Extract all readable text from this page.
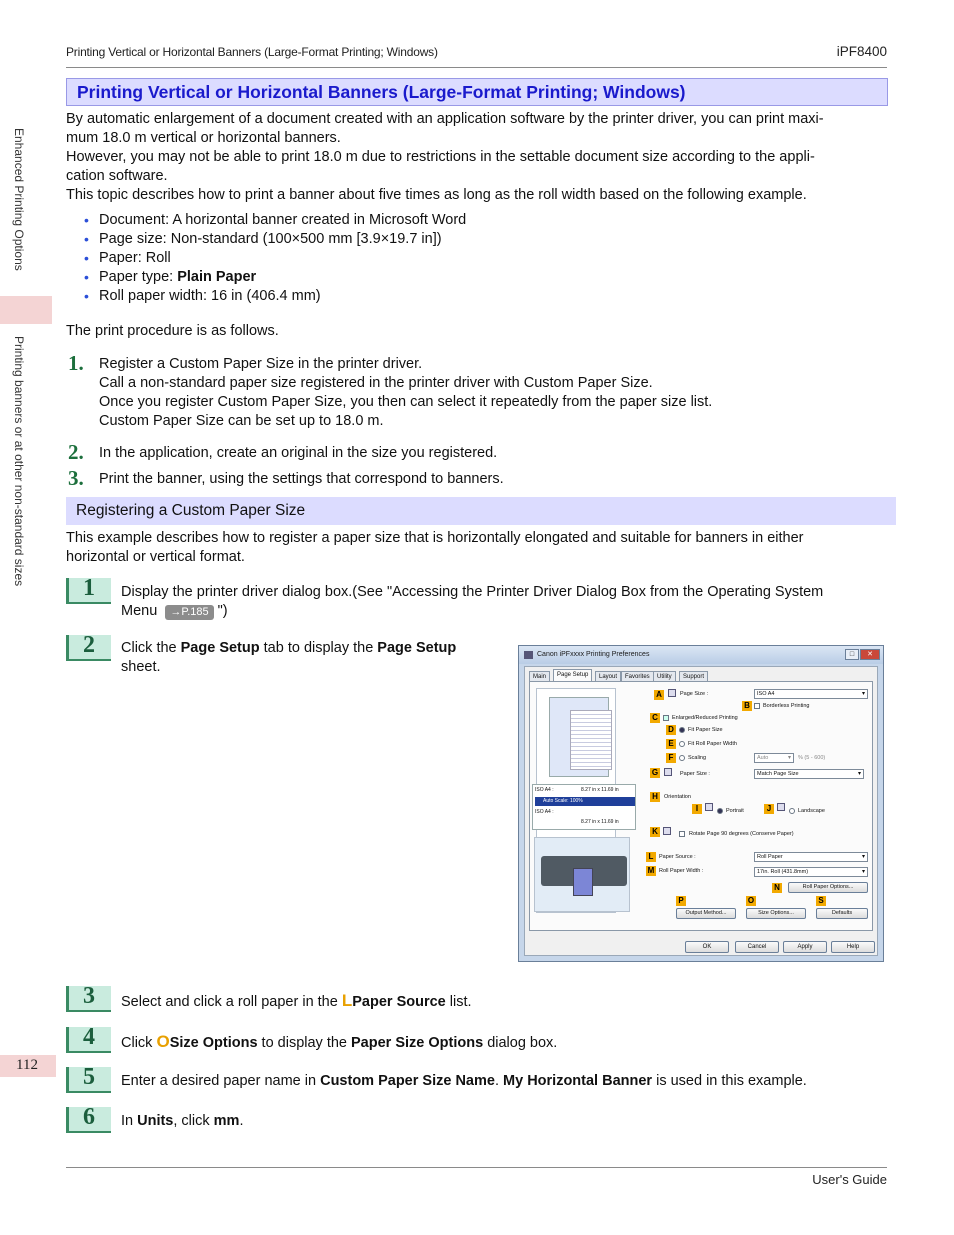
Printing Vertical or Horizontal Banners (Large-Format Printing; Windows)	iPF8400
Enhanced Printing Options
Printing banners or at other non-standard sizes
Printing Vertical or Horizontal Banners (Large-Format Printing; Windows)
By automatic enlargement of a document created with an application software by the printer driver, you can print maxi-
mum 18.0 m vertical or horizontal banners.
However, you may not be able to print 18.0 m due to restrictions in the settable document size according to the appli-
cation software.
This topic describes how to print a banner about five times as long as the roll width based on the following example.
• Document: A horizontal banner created in Microsoft Word
• Page size: Non-standard (100×500 mm [3.9×19.7 in])
• Paper: Roll
• Paper type: Plain Paper
• Roll paper width: 16 in (406.4 mm)
The print procedure is as follows.
1. Register a Custom Paper Size in the printer driver.
Call a non-standard paper size registered in the printer driver with Custom Paper Size.
Once you register Custom Paper Size, you then can select it repeatedly from the paper size list.
Custom Paper Size can be set up to 18.0 m.
2. In the application, create an original in the size you registered.
3. Print the banner, using the settings that correspond to banners.
Registering a Custom Paper Size
This example describes how to register a paper size that is horizontally elongated and suitable for banners in either
horizontal or vertical format.
1 Display the printer driver dialog box.(See "Accessing the Printer Driver Dialog Box from the Operating System
Menu →P.185 ")
2 Click the Page Setup tab to display the Page Setup
sheet.
Canon iPFxxxx Printing Preferences	□	✕
Main	Page Setup	Layout	Favorites	Utility	Support
ISO A4 :	8.27 in x 11.69 in
Auto Scale: 100%
ISO A4 :
8.27 in x 11.69 in
A	Page Size :	ISO A4 ▾
B	Borderless Printing
C	Enlarged/Reduced Printing
D	Fit Paper Size
E	Fit Roll Paper Width
F	Scaling	Auto ▾	% (5 - 600)
G	Paper Size :	Match Page Size ▾
H	Orientation
I	Portrait	J	Landscape
K	Rotate Page 90 degrees (Conserve Paper)
L	Paper Source :	Roll Paper ▾
M Roll Paper Width :	17in. Roll (431.8mm) ▾
N	Roll Paper Options...
P	O	S
Output Method...	Size Options...	Defaults
OK	Cancel	Apply	Help
3 Select and click a roll paper in the LPaper Source list.
4 Click OSize Options to display the Paper Size Options dialog box.
5 Enter a desired paper name in Custom Paper Size Name. My Horizontal Banner is used in this example.
6 In Units, click mm.
112
User's Guide
